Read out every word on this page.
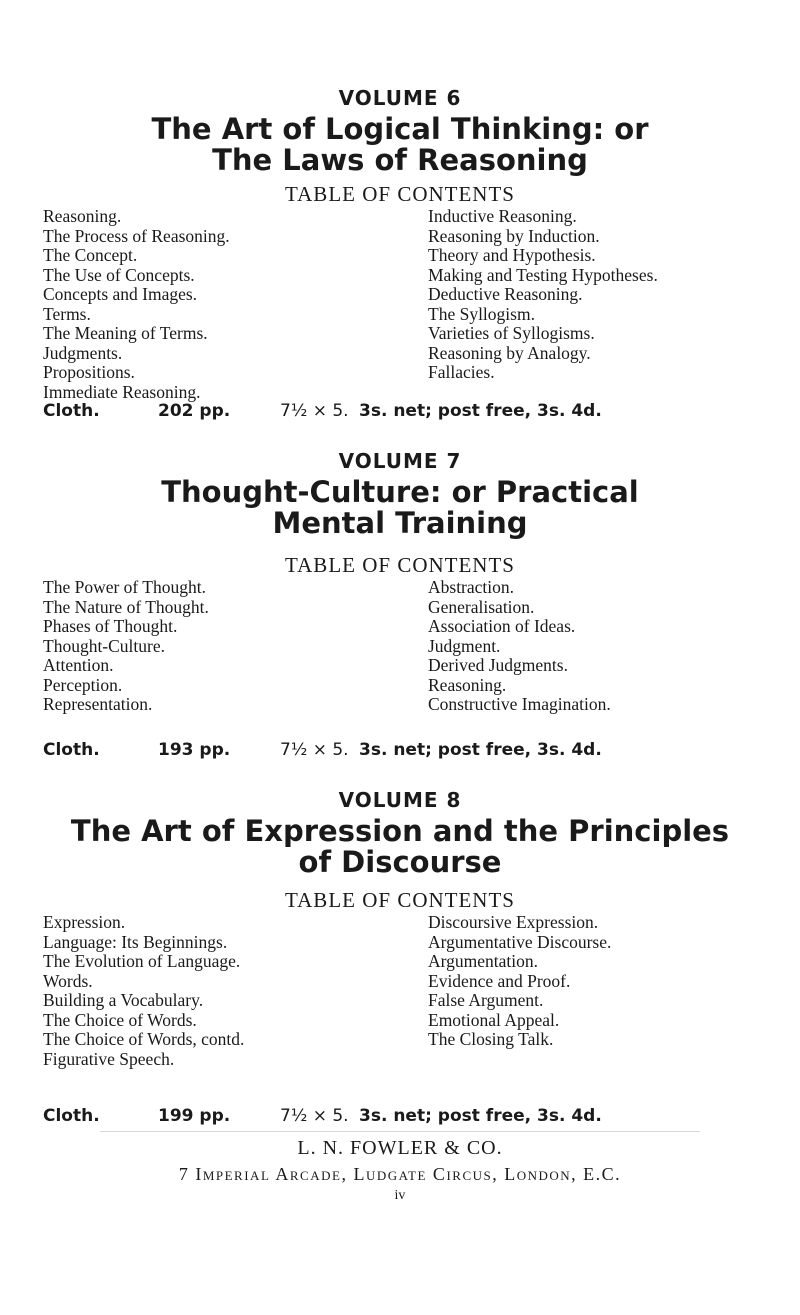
VOLUME 6
The Art of Logical Thinking: or
The Laws of Reasoning
TABLE OF CONTENTS
Reasoning.
The Process of Reasoning.
The Concept.
The Use of Concepts.
Concepts and Images.
Terms.
The Meaning of Terms.
Judgments.
Propositions.
Immediate Reasoning.
Inductive Reasoning.
Reasoning by Induction.
Theory and Hypothesis.
Making and Testing Hypotheses.
Deductive Reasoning.
The Syllogism.
Varieties of Syllogisms.
Reasoning by Analogy.
Fallacies.
Cloth.	202 pp.	7½ × 5. 3s. net; post free, 3s. 4d.
VOLUME 7
Thought-Culture: or Practical
Mental Training
TABLE OF CONTENTS
The Power of Thought.
The Nature of Thought.
Phases of Thought.
Thought-Culture.
Attention.
Perception.
Representation.
Abstraction.
Generalisation.
Association of Ideas.
Judgment.
Derived Judgments.
Reasoning.
Constructive Imagination.
Cloth.	193 pp.	7½ × 5. 3s. net; post free, 3s. 4d.
VOLUME 8
The Art of Expression and the Principles
of Discourse
TABLE OF CONTENTS
Expression.
Language: Its Beginnings.
The Evolution of Language.
Words.
Building a Vocabulary.
The Choice of Words.
The Choice of Words, contd.
Figurative Speech.
Discoursive Expression.
Argumentative Discourse.
Argumentation.
Evidence and Proof.
False Argument.
Emotional Appeal.
The Closing Talk.
Cloth.	199 pp.	7½ × 5. 3s. net; post free, 3s. 4d.
L. N. FOWLER & CO.
7 Imperial Arcade, Ludgate Circus, London, E.C.
iv
